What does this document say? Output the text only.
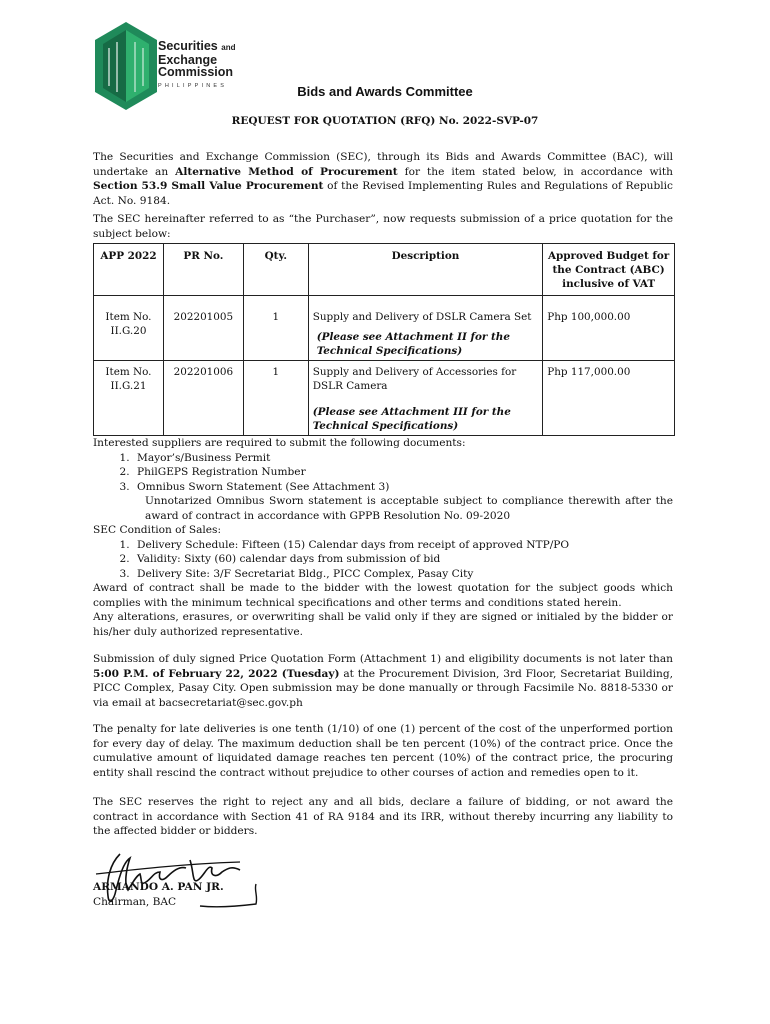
Securities and
Exchange
Commission
PHILIPPINES	Bids and Awards Committee
REQUEST FOR QUOTATION (RFQ) No. 2022-SVP-07
The Securities and Exchange Commission (SEC), through its Bids and Awards Committee (BAC), will undertake an Alternative Method of Procurement for the item stated below, in accordance with Section 53.9 Small Value Procurement of the Revised Implementing Rules and Regulations of Republic Act. No. 9184.
The SEC hereinafter referred to as “the Purchaser”, now requests submission of a price quotation for the subject below:
APP 2022	PR No.	Qty.	Description	Approved Budget for the Contract (ABC) inclusive of VAT
Item No. II.G.20	202201005	1	Supply and Delivery of DSLR Camera Set
(Please see Attachment II for the Technical Specifications)	Php 100,000.00
Item No. II.G.21	202201006	1	Supply and Delivery of Accessories for DSLR Camera
(Please see Attachment III for the Technical Specifications)	Php 117,000.00
Interested suppliers are required to submit the following documents:
1. Mayor’s/Business Permit
2. PhilGEPS Registration Number
3. Omnibus Sworn Statement (See Attachment 3)
Unnotarized Omnibus Sworn statement is acceptable subject to compliance therewith after the award of contract in accordance with GPPB Resolution No. 09-2020
SEC Condition of Sales:
1. Delivery Schedule: Fifteen (15) Calendar days from receipt of approved NTP/PO
2. Validity: Sixty (60) calendar days from submission of bid
3. Delivery Site: 3/F Secretariat Bldg., PICC Complex, Pasay City
Award of contract shall be made to the bidder with the lowest quotation for the subject goods which complies with the minimum technical specifications and other terms and conditions stated herein.
Any alterations, erasures, or overwriting shall be valid only if they are signed or initialed by the bidder or his/her duly authorized representative.
Submission of duly signed Price Quotation Form (Attachment 1) and eligibility documents is not later than 5:00 P.M. of February 22, 2022 (Tuesday) at the Procurement Division, 3rd Floor, Secretariat Building, PICC Complex, Pasay City. Open submission may be done manually or through Facsimile No. 8818-5330 or via email at bacsecretariat@sec.gov.ph
The penalty for late deliveries is one tenth (1/10) of one (1) percent of the cost of the unperformed portion for every day of delay. The maximum deduction shall be ten percent (10%) of the contract price. Once the cumulative amount of liquidated damage reaches ten percent (10%) of the contract price, the procuring entity shall rescind the contract without prejudice to other courses of action and remedies open to it.
The SEC reserves the right to reject any and all bids, declare a failure of bidding, or not award the contract in accordance with Section 41 of RA 9184 and its IRR, without thereby incurring any liability to the affected bidder or bidders.
ARMANDO A. PAN JR.
Chairman, BAC
